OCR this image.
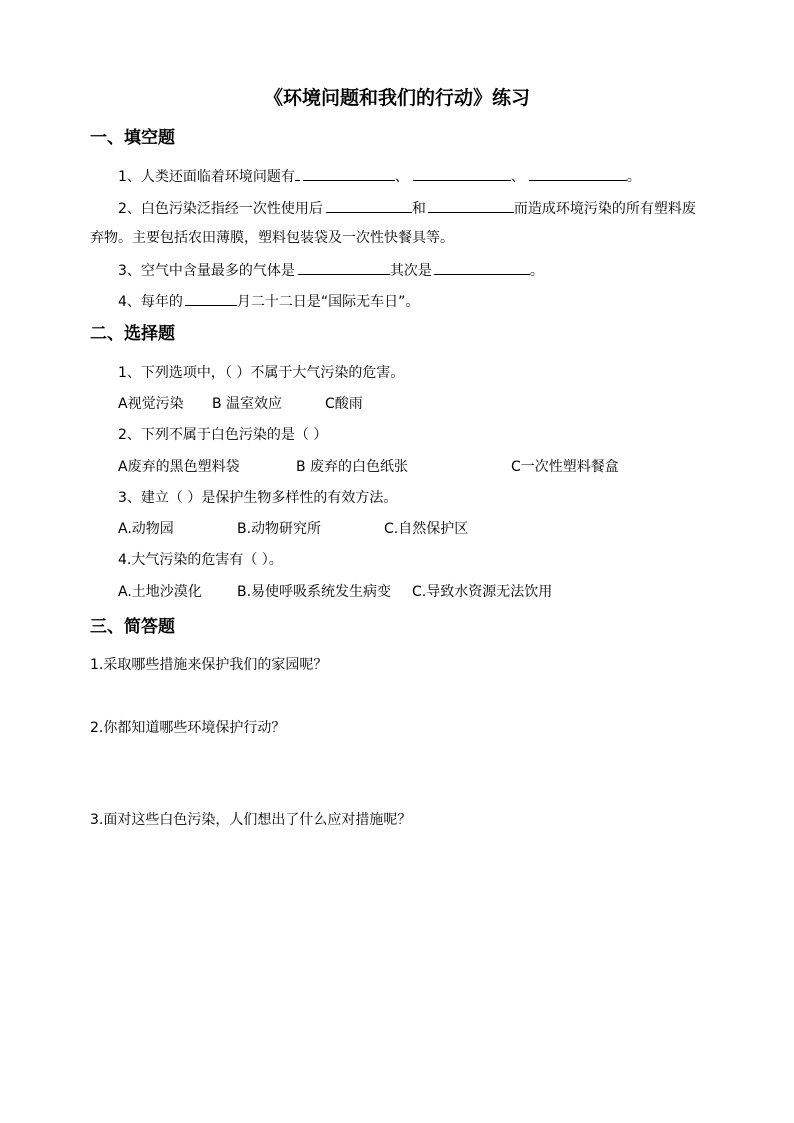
《环境问题和我们的行动》练习
一、填空题
1、人类还面临着环境问题有	、	、	。
2、白色污染泛指经一次性使用后	和	而造成环境污染的所有塑料废
弃物。主要包括农田薄膜，塑料包装袋及一次性快餐具等。
3、空气中含量最多的气体是	其次是	。
4、每年的	月二十二日是“国际无车日”。
二、选择题
1、下列选项中，（ ）不属于大气污染的危害。
A视觉污染 B 温室效应	C酸雨
2、下列不属于白色污染的是（ ）
A废弃的黑色塑料袋	B 废弃的白色纸张	C一次性塑料餐盒
3、建立（ ）是保护生物多样性的有效方法。
A.动物园	B.动物研究所	C.自然保护区
4.大气污染的危害有（ ）。
A.土地沙漠化	B.易使呼吸系统发生病变 C.导致水资源无法饮用
三、简答题
1.采取哪些措施来保护我们的家园呢？
2.你都知道哪些环境保护行动？
3.面对这些白色污染，人们想出了什么应对措施呢？
